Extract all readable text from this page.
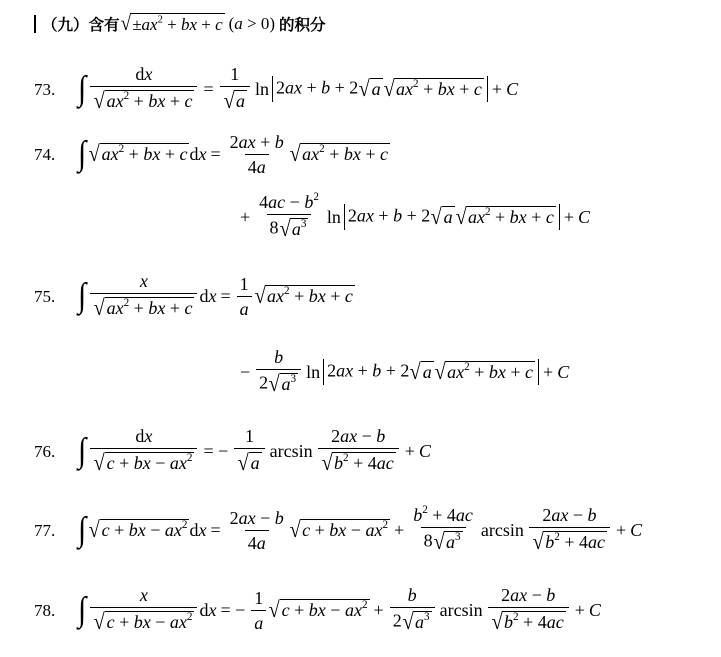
（九）含有 √ $\pm ax^2$ + bx + c (a > 0) 的积分
73. ∫ $\frac{dx}{√ ax^2 + bx + c} = \frac{1}{√ a}$ ln 2ax + b + 2 √ a √ $ax^2$ + bx + c + C
74. ∫ √ $ax^2$ + bx + c dx = $\frac{2ax + b}{4a}$ √ $ax^2$ + bx + c
+ $\frac{4ac - b^2}{8 √ a^3}$ ln 2ax + b + 2 √ a √ $ax^2$ + bx + c + C
75. ∫ $\frac{x}{√ ax^2 + bx + c}$ dx = $\frac{1}{a}$ √ $ax^2$ + bx + c
− $\frac{b}{2 √ a^3}$ ln 2ax + b + 2 √ a √ $ax^2$ + bx + c + C
76. ∫ $\frac{dx}{√ c + bx - ax^2}$ = − $\frac{1}{√ a}$ $\arcsin \frac{2ax - b}{√ b^2 + 4ac} + C$
77. ∫ √ c + bx − $ax^2$ dx = $\frac{2ax - b}{4a}$ √ c + bx − $ax^2 + \frac{b^2 + 4ac}{8 √ a^3}$ $\arcsin \frac{2ax - b}{√ b^2 + 4ac} + C$
78. ∫ $\frac{x}{√ c + bx - ax^2}$ dx = − $\frac{1}{a}$ √ c + bx − $ax^2 + \frac{b}{2 √ a^3}$ $\arcsin \frac{2ax - b}{√ b^2 + 4ac} + C$
